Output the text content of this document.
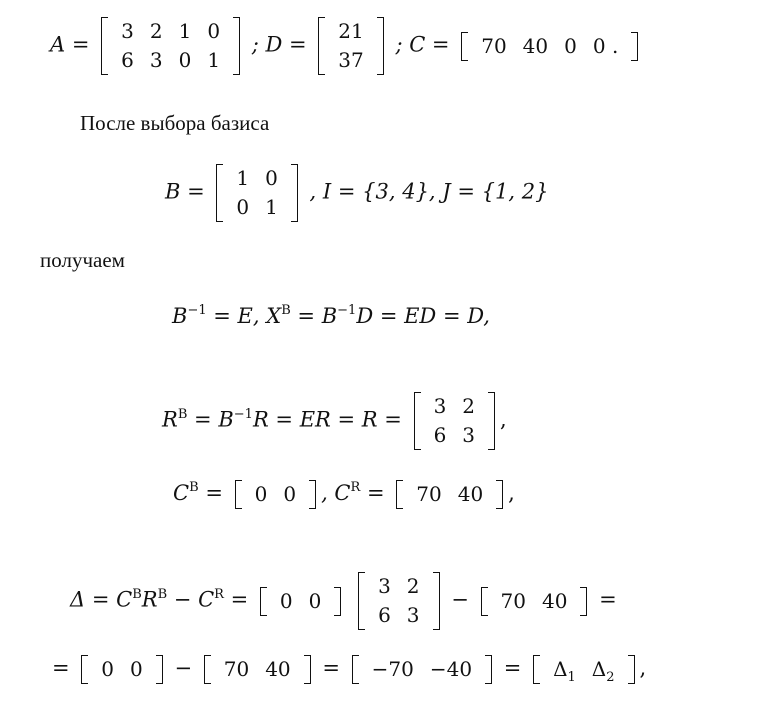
A =
3	2	1	0
6	3	0	1
; D =
21
37
; C = 70	40	0	0 .
После выбора базиса
B =
1	0
0	1
, I = {3, 4}, J = {1, 2}
получаем
$B^{-1} = E$, $X^B = B^{-1}D$ = ED = D,
$R^B = B^{-1}R$ = ER = R =
3	2
6	3
,
$C^B = 0$	0 , $C^R = 70$	40 ,
$\Delta = C^BR^B - C^R = 0$	0

3	2
6	3
− 70	40 =
= 0	0 − 70	40 = −70	$-40 = \Delta_1$	$\Delta_2$ ,
